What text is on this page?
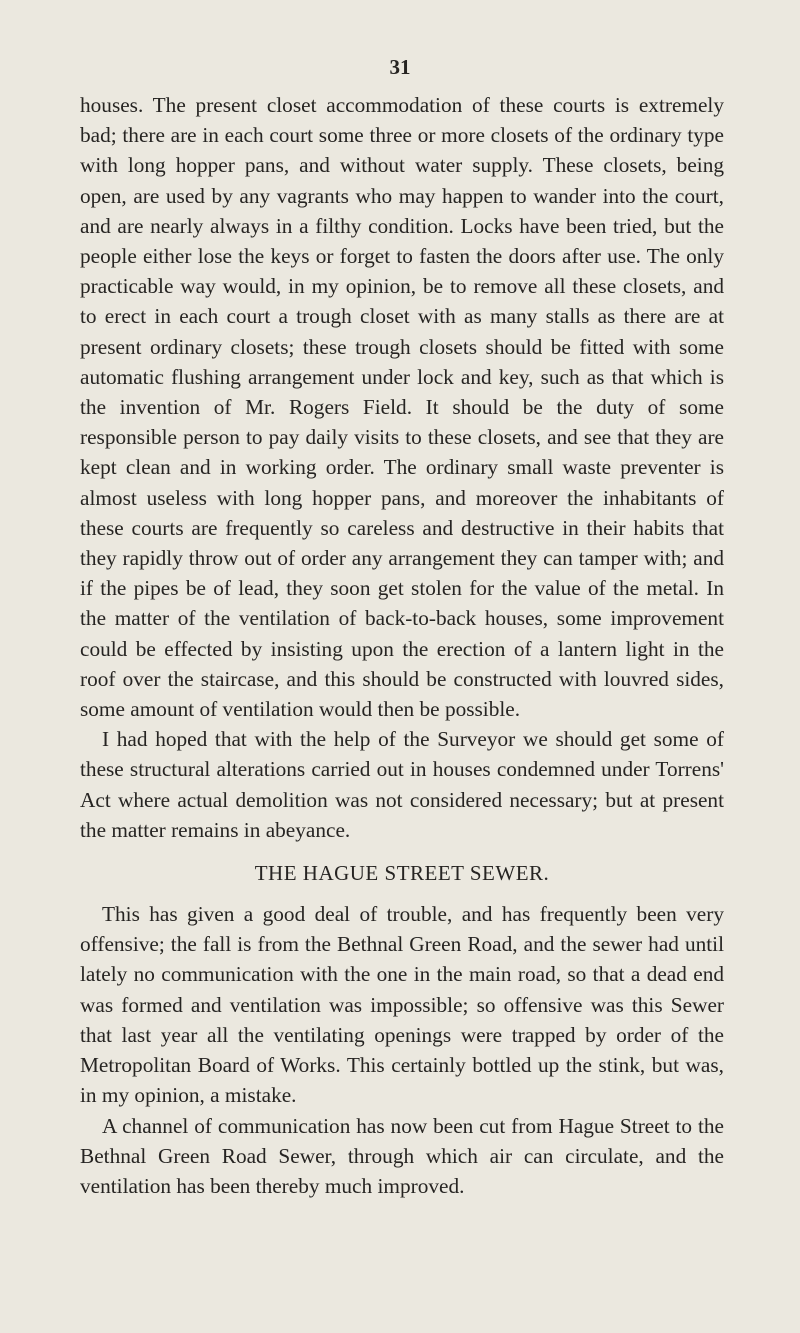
31

houses. The present closet accommodation of these courts is extremely bad; there are in each court some three or more closets of the ordinary type with long hopper pans, and without water supply. These closets, being open, are used by any vagrants who may happen to wander into the court, and are nearly always in a filthy condition. Locks have been tried, but the people either lose the keys or forget to fasten the doors after use. The only practicable way would, in my opinion, be to remove all these closets, and to erect in each court a trough closet with as many stalls as there are at present ordinary closets; these trough closets should be fitted with some automatic flushing arrangement under lock and key, such as that which is the invention of Mr. Rogers Field. It should be the duty of some responsible person to pay daily visits to these closets, and see that they are kept clean and in working order. The ordinary small waste preventer is almost useless with long hopper pans, and moreover the inhabitants of these courts are frequently so careless and destructive in their habits that they rapidly throw out of order any arrangement they can tamper with; and if the pipes be of lead, they soon get stolen for the value of the metal. In the matter of the ventilation of back-to-back houses, some improvement could be effected by insisting upon the erection of a lantern light in the roof over the staircase, and this should be constructed with louvred sides, some amount of ventilation would then be possible.

I had hoped that with the help of the Surveyor we should get some of these structural alterations carried out in houses condemned under Torrens' Act where actual demolition was not considered necessary; but at present the matter remains in abeyance.

THE HAGUE STREET SEWER.

This has given a good deal of trouble, and has frequently been very offensive; the fall is from the Bethnal Green Road, and the sewer had until lately no communication with the one in the main road, so that a dead end was formed and ventilation was impossible; so offensive was this Sewer that last year all the ventilating openings were trapped by order of the Metropolitan Board of Works. This certainly bottled up the stink, but was, in my opinion, a mistake.

A channel of communication has now been cut from Hague Street to the Bethnal Green Road Sewer, through which air can circulate, and the ventilation has been thereby much improved.
